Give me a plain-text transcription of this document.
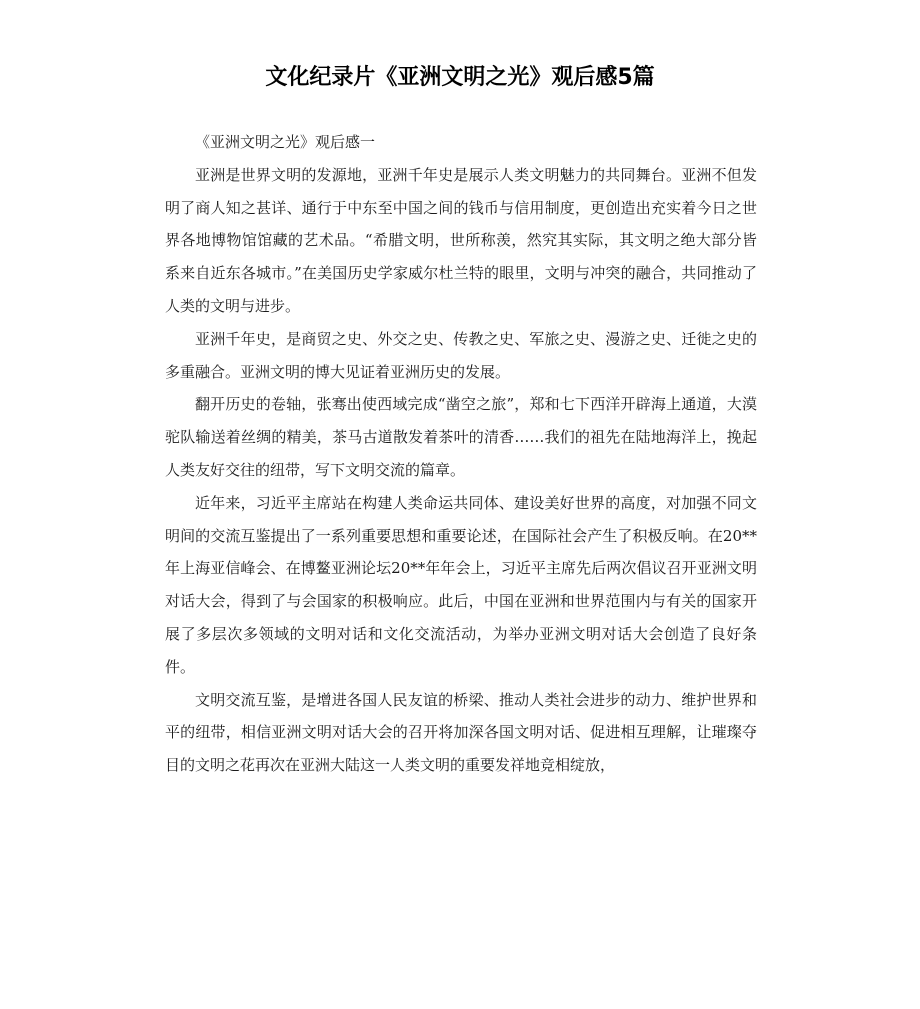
文化纪录片《亚洲文明之光》观后感5篇

《亚洲文明之光》观后感一

亚洲是世界文明的发源地，亚洲千年史是展示人类文明魅力的共同舞台。亚洲不但发明了商人知之甚详、通行于中东至中国之间的钱币与信用制度，更创造出充实着今日之世界各地博物馆馆藏的艺术品。“希腊文明，世所称羡，然究其实际，其文明之绝大部分皆系来自近东各城市。”在美国历史学家威尔杜兰特的眼里，文明与冲突的融合，共同推动了人类的文明与进步。

亚洲千年史，是商贸之史、外交之史、传教之史、军旅之史、漫游之史、迁徙之史的多重融合。亚洲文明的博大见证着亚洲历史的发展。

翻开历史的卷轴，张骞出使西域完成“凿空之旅”，郑和七下西洋开辟海上通道，大漠驼队输送着丝绸的精美，茶马古道散发着茶叶的清香……我们的祖先在陆地海洋上，挽起人类友好交往的纽带，写下文明交流的篇章。

近年来，习近平主席站在构建人类命运共同体、建设美好世界的高度，对加强不同文明间的交流互鉴提出了一系列重要思想和重要论述，在国际社会产生了积极反响。在20**年上海亚信峰会、在博鳌亚洲论坛20**年年会上，习近平主席先后两次倡议召开亚洲文明对话大会，得到了与会国家的积极响应。此后，中国在亚洲和世界范围内与有关的国家开展了多层次多领域的文明对话和文化交流活动，为举办亚洲文明对话大会创造了良好条件。

文明交流互鉴，是增进各国人民友谊的桥梁、推动人类社会进步的动力、维护世界和平的纽带，相信亚洲文明对话大会的召开将加深各国文明对话、促进相互理解，让璀璨夺目的文明之花再次在亚洲大陆这一人类文明的重要发祥地竞相绽放，
